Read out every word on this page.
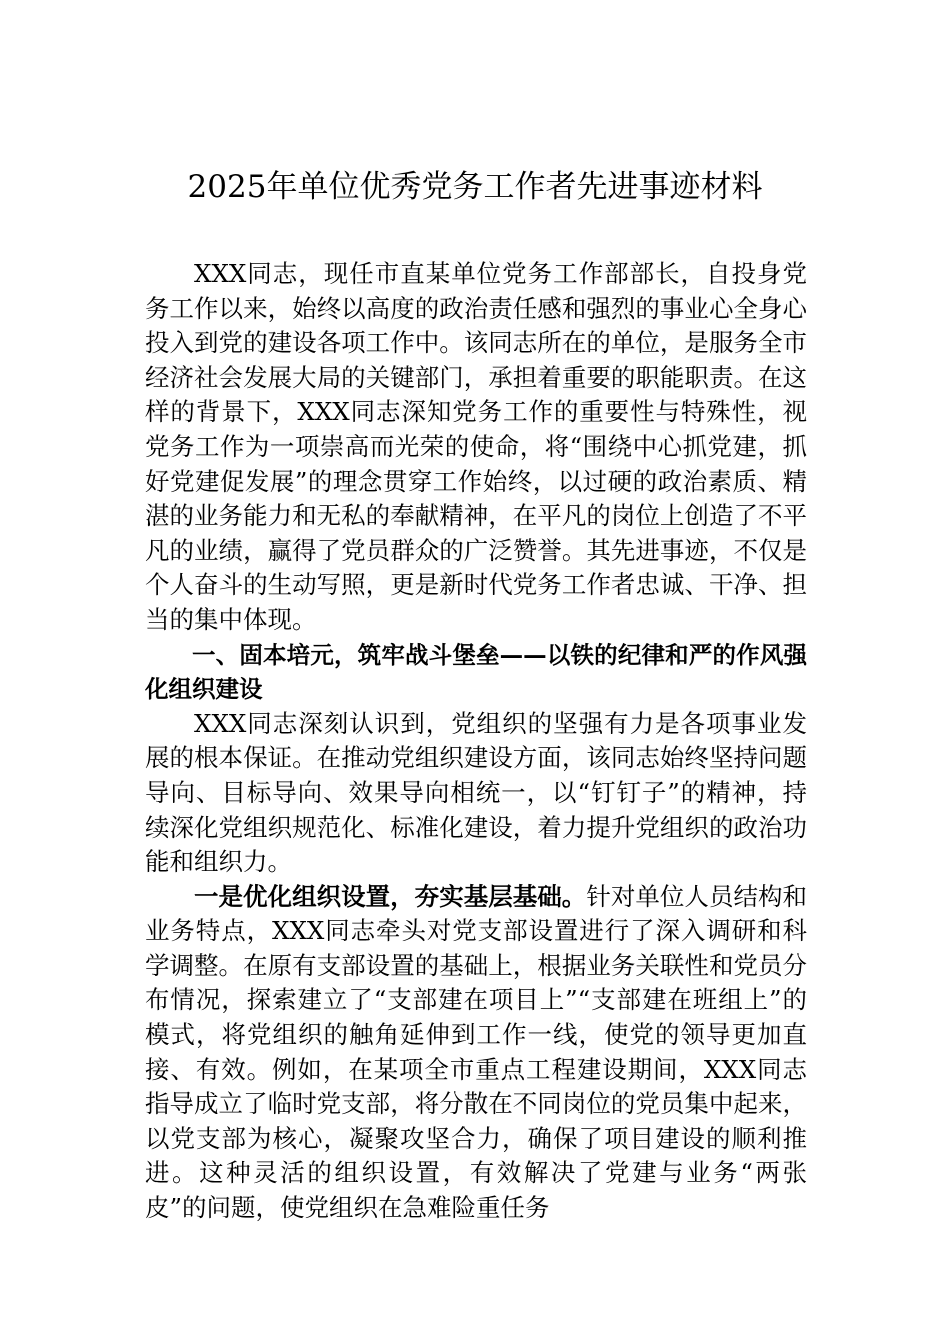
2025年单位优秀党务工作者先进事迹材料

XXX同志，现任市直某单位党务工作部部长，自投身党务工作以来，始终以高度的政治责任感和强烈的事业心全身心投入到党的建设各项工作中。该同志所在的单位，是服务全市经济社会发展大局的关键部门，承担着重要的职能职责。在这样的背景下，XXX同志深知党务工作的重要性与特殊性，视党务工作为一项崇高而光荣的使命，将“围绕中心抓党建，抓好党建促发展”的理念贯穿工作始终，以过硬的政治素质、精湛的业务能力和无私的奉献精神，在平凡的岗位上创造了不平凡的业绩，赢得了党员群众的广泛赞誉。其先进事迹，不仅是个人奋斗的生动写照，更是新时代党务工作者忠诚、干净、担当的集中体现。

一、固本培元，筑牢战斗堡垒——以铁的纪律和严的作风强化组织建设

XXX同志深刻认识到，党组织的坚强有力是各项事业发展的根本保证。在推动党组织建设方面，该同志始终坚持问题导向、目标导向、效果导向相统一，以“钉钉子”的精神，持续深化党组织规范化、标准化建设，着力提升党组织的政治功能和组织力。

一是优化组织设置，夯实基层基础。针对单位人员结构和业务特点，XXX同志牵头对党支部设置进行了深入调研和科学调整。在原有支部设置的基础上，根据业务关联性和党员分布情况，探索建立了“支部建在项目上”“支部建在班组上”的模式，将党组织的触角延伸到工作一线，使党的领导更加直接、有效。例如，在某项全市重点工程建设期间，XXX同志指导成立了临时党支部，将分散在不同岗位的党员集中起来，以党支部为核心，凝聚攻坚合力，确保了项目建设的顺利推进。这种灵活的组织设置，有效解决了党建与业务“两张皮”的问题，使党组织在急难险重任务
